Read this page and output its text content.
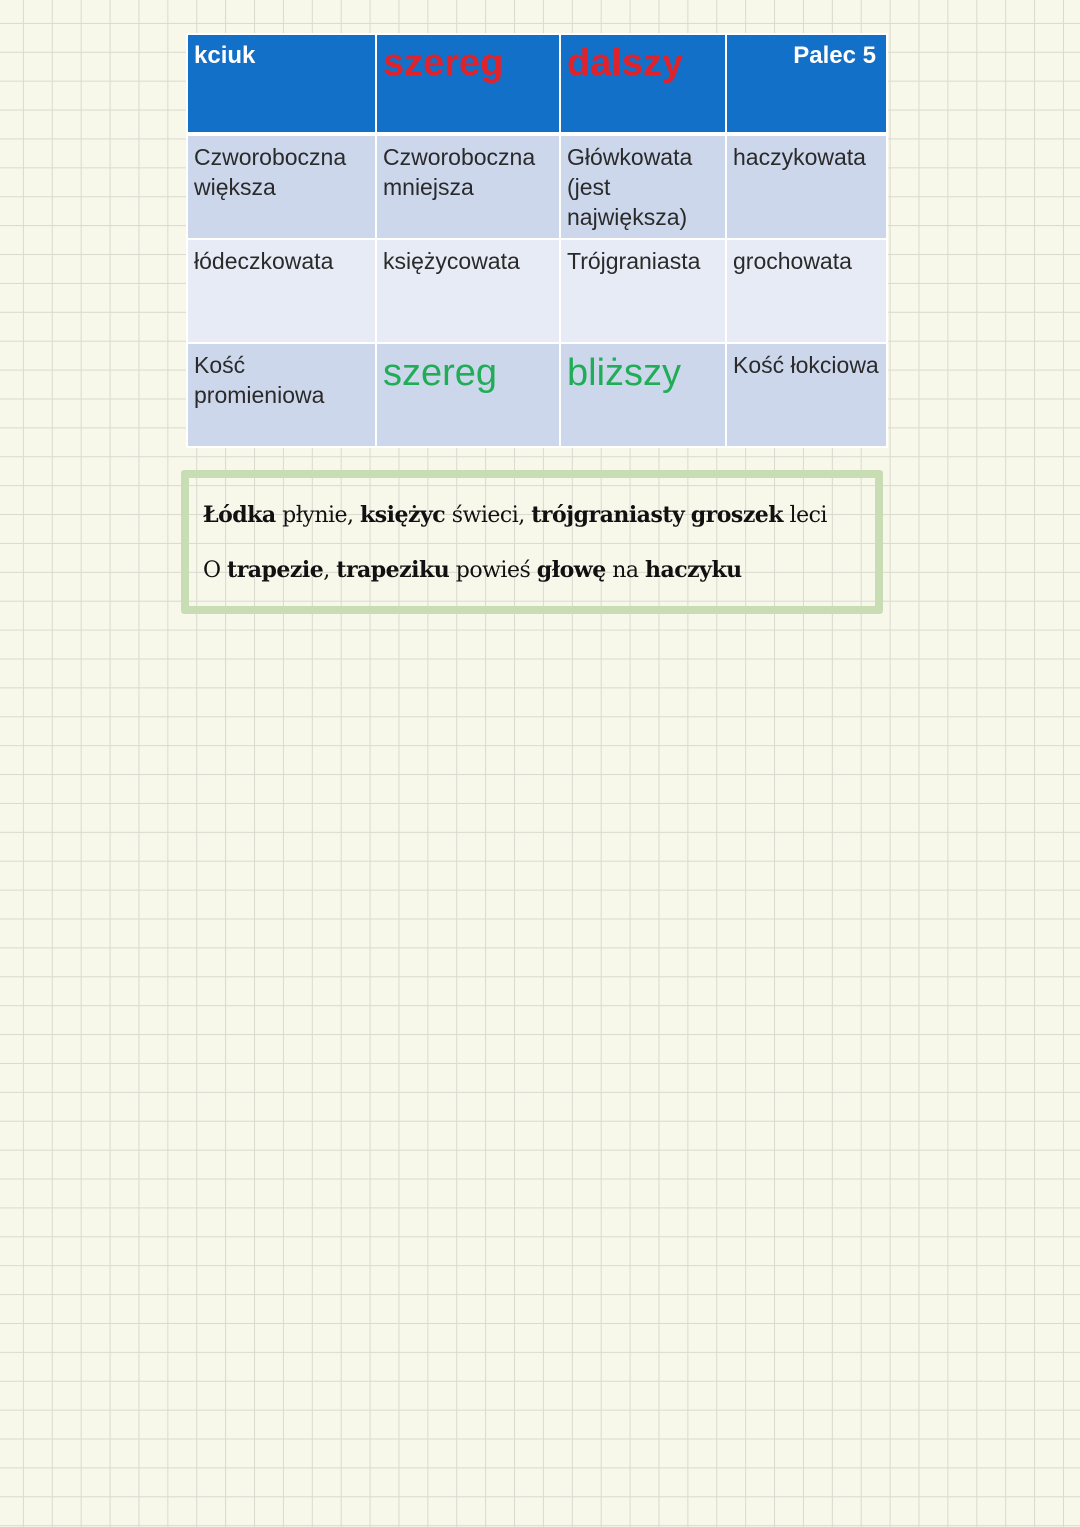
kciuk	szereg	dalszy	Palec 5
Czworoboczna większa	Czworoboczna mniejsza	Główkowata (jest największa)	haczykowata
łódeczkowata	księżycowata	Trójgraniasta	grochowata
Kość promieniowa	szereg	bliższy	Kość łokciowa
Łódka płynie, księżyc świeci, trójgraniasty groszek leci
O trapezie, trapeziku powieś głowę na haczyku
